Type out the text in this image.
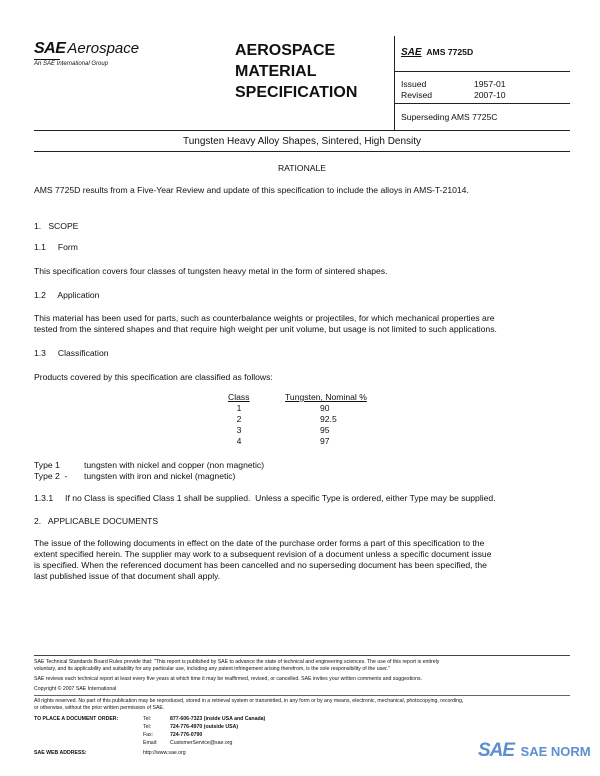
SAE Aerospace
An SAE International Group
AEROSPACE
MATERIAL
SPECIFICATION
SAE AMS 7725D
Issued	1957-01
Revised	2007-10
Superseding AMS 7725C
Tungsten Heavy Alloy Shapes, Sintered, High Density
RATIONALE
AMS 7725D results from a Five-Year Review and update of this specification to include the alloys in AMS-T-21014.
1.   SCOPE
1.1     Form
This specification covers four classes of tungsten heavy metal in the form of sintered shapes.
1.2     Application
This material has been used for parts, such as counterbalance weights or projectiles, for which mechanical properties are
tested from the sintered shapes and that require high weight per unit volume, but usage is not limited to such applications.
1.3     Classification
Products covered by this specification are classified as follows:
Class	Tungsten, Nominal %
1	90
2	92.5
3	95
4	97
Type 1	tungsten with nickel and copper (non magnetic)
Type 2  - tungsten with iron and nickel (magnetic)
1.3.1     If no Class is specified Class 1 shall be supplied.  Unless a specific Type is ordered, either Type may be supplied.
2.   APPLICABLE DOCUMENTS
The issue of the following documents in effect on the date of the purchase order forms a part of this specification to the
extent specified herein. The supplier may work to a subsequent revision of a document unless a specific document issue
is specified. When the referenced document has been cancelled and no superseding document has been specified, the
last published issue of that document shall apply.
SAE Technical Standards Board Rules provide that: "This report is published by SAE to advance the state of technical and engineering sciences. The use of this report is entirely
voluntary, and its applicability and suitability for any particular use, including any patent infringement arising therefrom, is the sole responsibility of the user."
SAE reviews each technical report at least every five years at which time it may be reaffirmed, revised, or cancelled. SAE invites your written comments and suggestions.
Copyright © 2007 SAE International
All rights reserved. No part of this publication may be reproduced, stored in a retrieval system or transmitted, in any form or by any means, electronic, mechanical, photocopying, recording,
or otherwise, without the prior written permission of SAE.
TO PLACE A DOCUMENT ORDER:	Tel:	877-606-7323 (inside USA and Canada)
Tel:	724-776-4970 (outside USA)
Fax:	724-776-0790
Email: CustomerService@sae.org
SAE WEB ADDRESS:	http://www.sae.org	SAE SAE NORM
